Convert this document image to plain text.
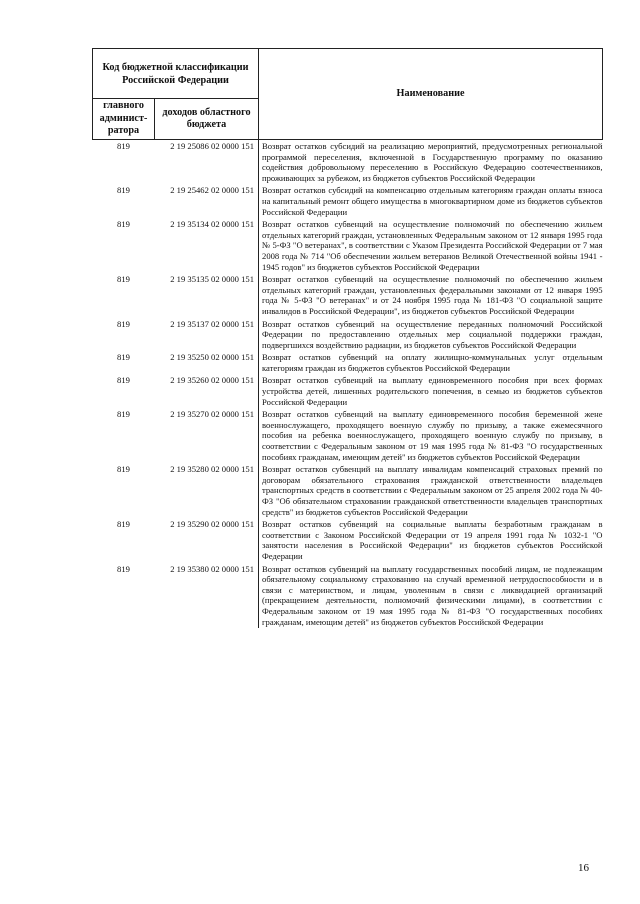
Код бюджетной классификации Российской Федерации		Наименование
главного админист-ратора	доходов областного бюджета	
819	2 19 25086 02 0000 151	Возврат остатков субсидий на реализацию мероприятий, предусмотренных региональной программой переселения, включенной в Государственную программу по оказанию содействия добровольному переселению в Российскую Федерацию соотечественников, проживающих за рубежом, из бюджетов субъектов Российской Федерации
819	2 19 25462 02 0000 151	Возврат остатков субсидий на компенсацию отдельным категориям граждан оплаты взноса на капитальный ремонт общего имущества в многоквартирном доме из бюджетов субъектов Российской Федерации
819	2 19 35134 02 0000 151	Возврат остатков субвенций на осуществление полномочий по обеспечению жильем отдельных категорий граждан, установленных Федеральным законом от 12 января 1995 года № 5-ФЗ "О ветеранах", в соответствии с Указом Президента Российской Федерации от 7 мая 2008 года № 714 "Об обеспечении жильем ветеранов Великой Отечественной войны 1941 - 1945 годов" из бюджетов субъектов Российской Федерации
819	2 19 35135 02 0000 151	Возврат остатков субвенций на осуществление полномочий по обеспечению жильем отдельных категорий граждан, установленных федеральными законами от 12 января 1995 года № 5-ФЗ "О ветеранах" и от 24 ноября 1995 года № 181-ФЗ "О социальной защите инвалидов в Российской Федерации", из бюджетов субъектов Российской Федерации
819	2 19 35137 02 0000 151	Возврат остатков субвенций на осуществление переданных полномочий Российской Федерации по предоставлению отдельных мер социальной поддержки граждан, подвергшихся воздействию радиации, из бюджетов субъектов Российской Федерации
819	2 19 35250 02 0000 151	Возврат остатков субвенций на оплату жилищно-коммунальных услуг отдельным категориям граждан из бюджетов субъектов Российской Федерации
819	2 19 35260 02 0000 151	Возврат остатков субвенций на выплату единовременного пособия при всех формах устройства детей, лишенных родительского попечения, в семью из бюджетов субъектов Российской Федерации
819	2 19 35270 02 0000 151	Возврат остатков субвенций на выплату единовременного пособия беременной жене военнослужащего, проходящего военную службу по призыву, а также ежемесячного пособия на ребенка военнослужащего, проходящего военную службу по призыву, в соответствии с Федеральным законом от 19 мая 1995 года № 81-ФЗ "О государственных пособиях гражданам, имеющим детей" из бюджетов субъектов Российской Федерации
819	2 19 35280 02 0000 151	Возврат остатков субвенций на выплату инвалидам компенсаций страховых премий по договорам обязательного страхования гражданской ответственности владельцев транспортных средств в соответствии с Федеральным законом от 25 апреля 2002 года № 40-ФЗ "Об обязательном страховании гражданской ответственности владельцев транспортных средств" из бюджетов субъектов Российской Федерации
819	2 19 35290 02 0000 151	Возврат остатков субвенций на социальные выплаты безработным гражданам в соответствии с Законом Российской Федерации от 19 апреля 1991 года № 1032-1 "О занятости населения в Российской Федерации" из бюджетов субъектов Российской Федерации
819	2 19 35380 02 0000 151	Возврат остатков субвенций на выплату государственных пособий лицам, не подлежащим обязательному социальному страхованию на случай временной нетрудоспособности и в связи с материнством, и лицам, уволенным в связи с ликвидацией организаций (прекращением деятельности, полномочий физическими лицами), в соответствии с Федеральным законом от 19 мая 1995 года № 81-ФЗ "О государственных пособиях гражданам, имеющим детей" из бюджетов субъектов Российской Федерации
16
